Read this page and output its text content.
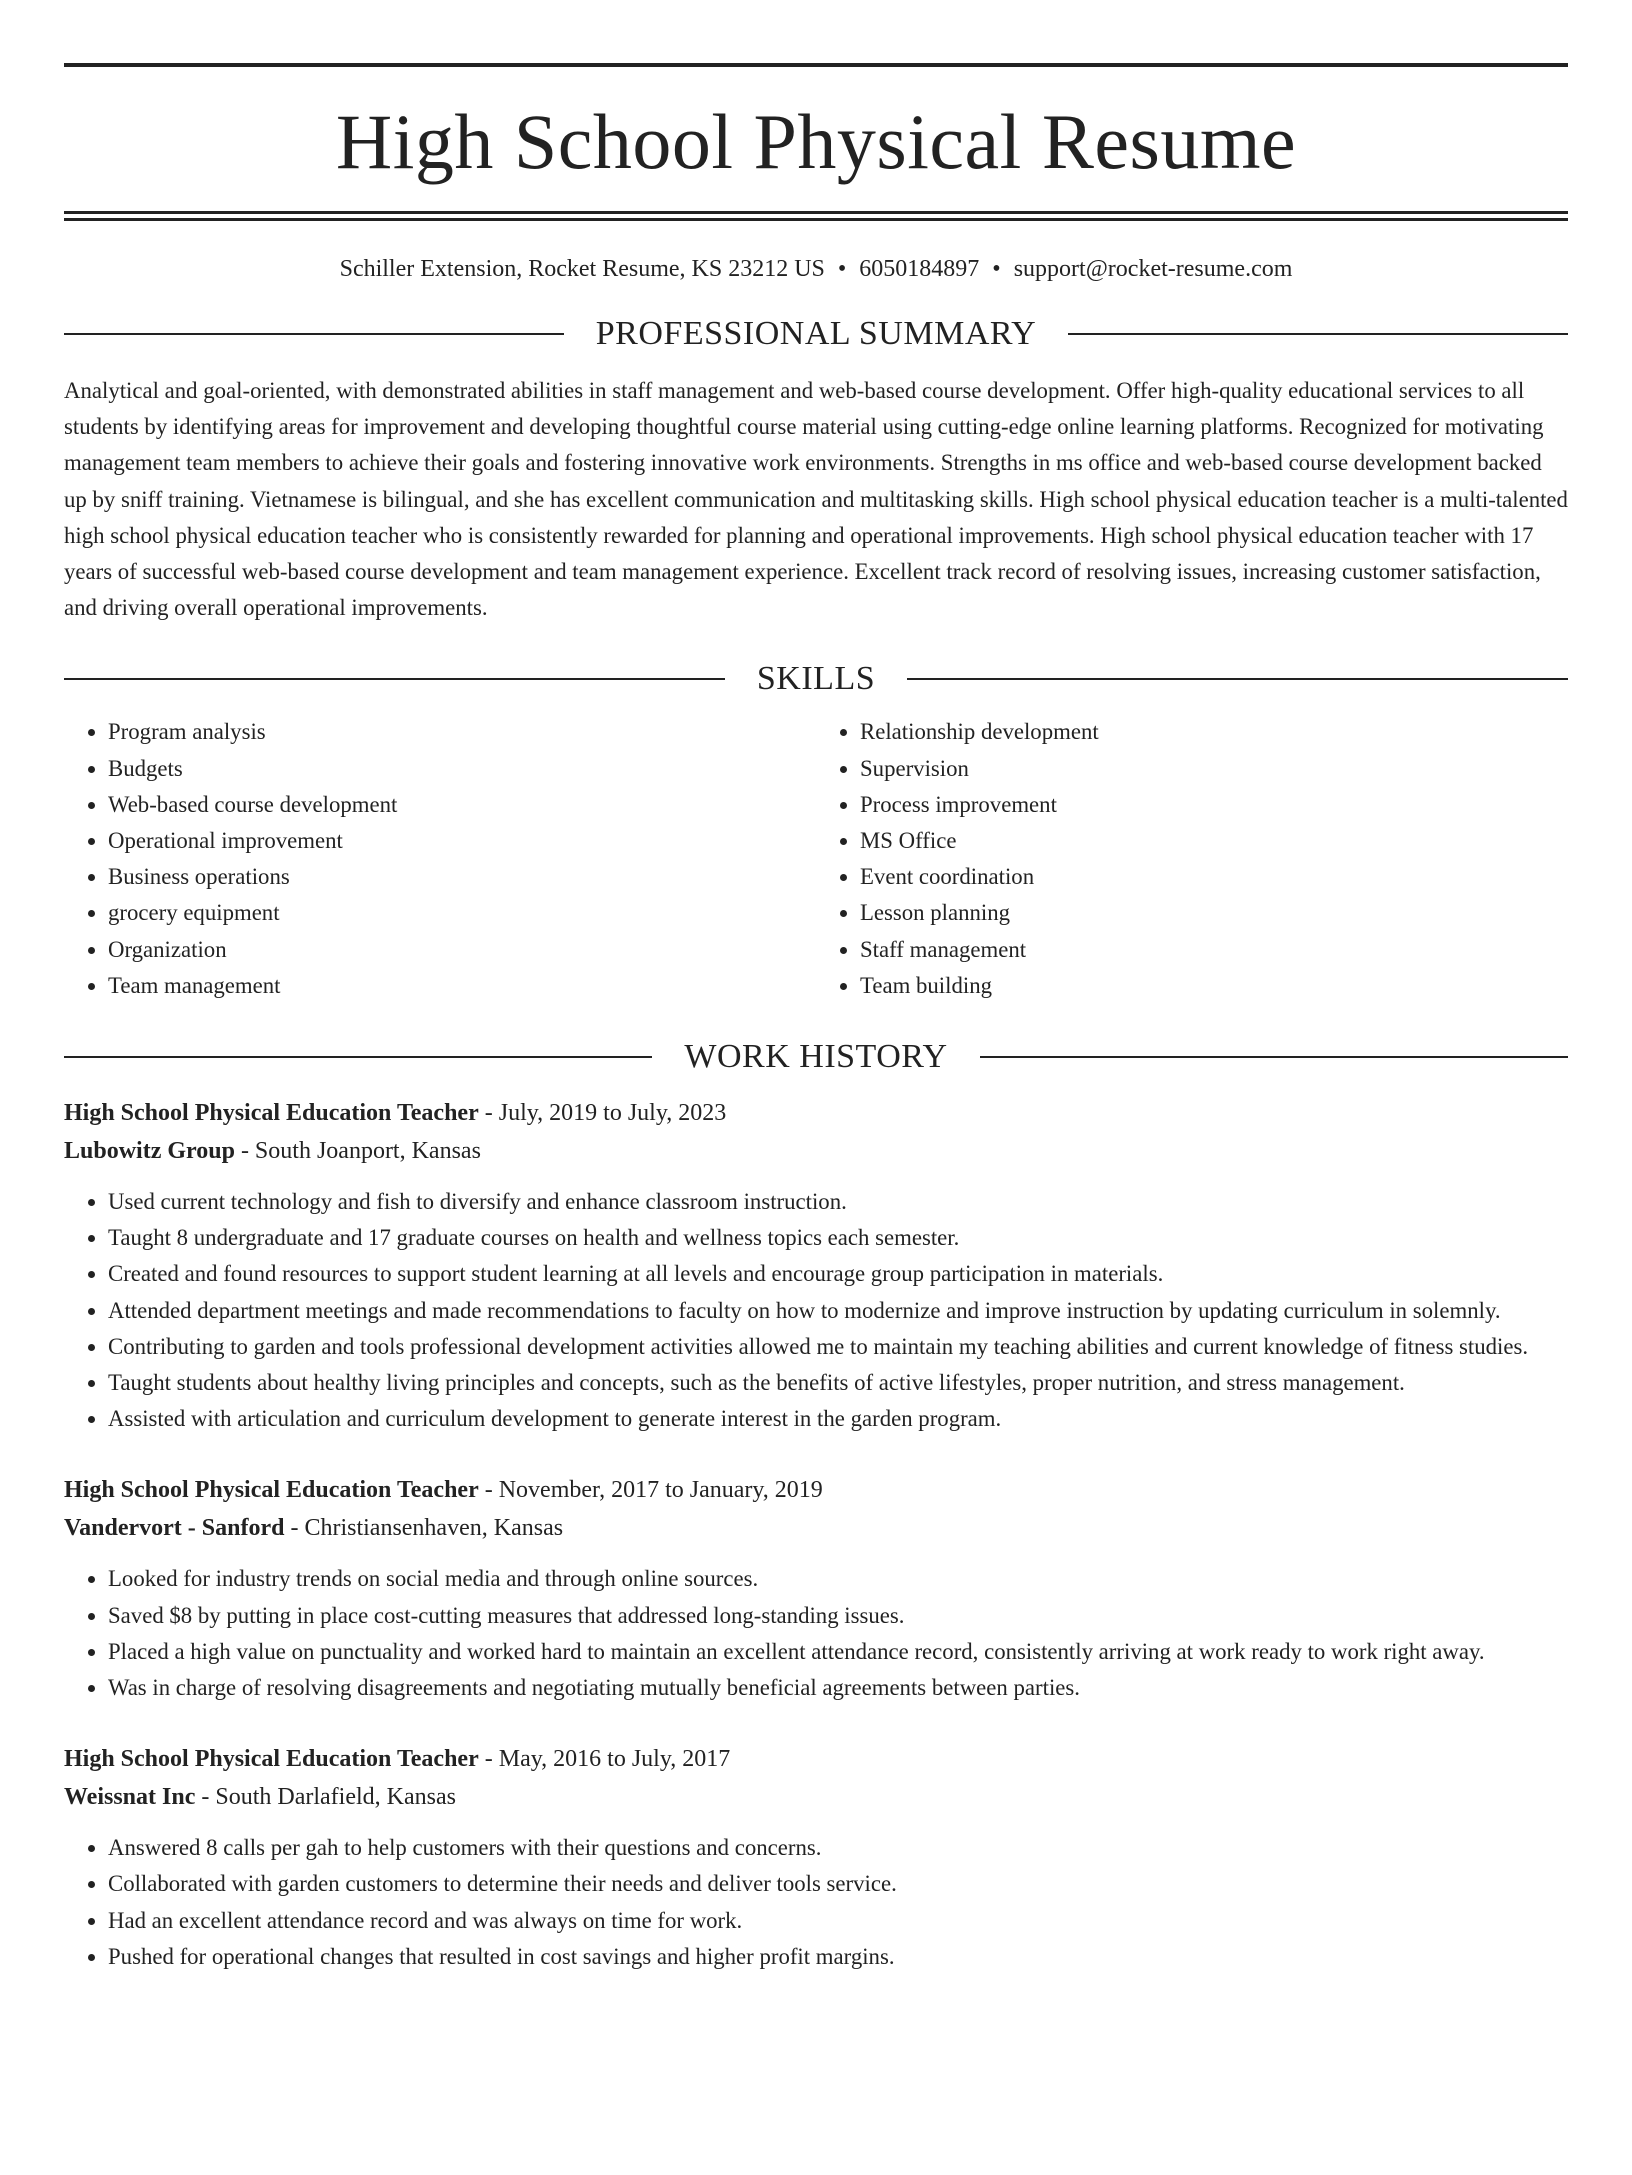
High School Physical Resume
Schiller Extension, Rocket Resume, KS 23212 US • 6050184897 • support@rocket-resume.com
PROFESSIONAL SUMMARY
Analytical and goal-oriented, with demonstrated abilities in staff management and web-based course development. Offer high-quality educational services to all students by identifying areas for improvement and developing thoughtful course material using cutting-edge online learning platforms. Recognized for motivating management team members to achieve their goals and fostering innovative work environments. Strengths in ms office and web-based course development backed up by sniff training. Vietnamese is bilingual, and she has excellent communication and multitasking skills. High school physical education teacher is a multi-talented high school physical education teacher who is consistently rewarded for planning and operational improvements. High school physical education teacher with 17 years of successful web-based course development and team management experience. Excellent track record of resolving issues, increasing customer satisfaction, and driving overall operational improvements.
SKILLS
• Program analysis
• Budgets
• Web-based course development
• Operational improvement
• Business operations
• grocery equipment
• Organization
• Team management
• Relationship development
• Supervision
• Process improvement
• MS Office
• Event coordination
• Lesson planning
• Staff management
• Team building
WORK HISTORY
High School Physical Education Teacher - July, 2019 to July, 2023
Lubowitz Group - South Joanport, Kansas
• Used current technology and fish to diversify and enhance classroom instruction.
• Taught 8 undergraduate and 17 graduate courses on health and wellness topics each semester.
• Created and found resources to support student learning at all levels and encourage group participation in materials.
• Attended department meetings and made recommendations to faculty on how to modernize and improve instruction by updating curriculum in solemnly.
• Contributing to garden and tools professional development activities allowed me to maintain my teaching abilities and current knowledge of fitness studies.
• Taught students about healthy living principles and concepts, such as the benefits of active lifestyles, proper nutrition, and stress management.
• Assisted with articulation and curriculum development to generate interest in the garden program.
High School Physical Education Teacher - November, 2017 to January, 2019
Vandervort - Sanford - Christiansenhaven, Kansas
• Looked for industry trends on social media and through online sources.
• Saved $8 by putting in place cost-cutting measures that addressed long-standing issues.
• Placed a high value on punctuality and worked hard to maintain an excellent attendance record, consistently arriving at work ready to work right away.
• Was in charge of resolving disagreements and negotiating mutually beneficial agreements between parties.
High School Physical Education Teacher - May, 2016 to July, 2017
Weissnat Inc - South Darlafield, Kansas
• Answered 8 calls per gah to help customers with their questions and concerns.
• Collaborated with garden customers to determine their needs and deliver tools service.
• Had an excellent attendance record and was always on time for work.
• Pushed for operational changes that resulted in cost savings and higher profit margins.
